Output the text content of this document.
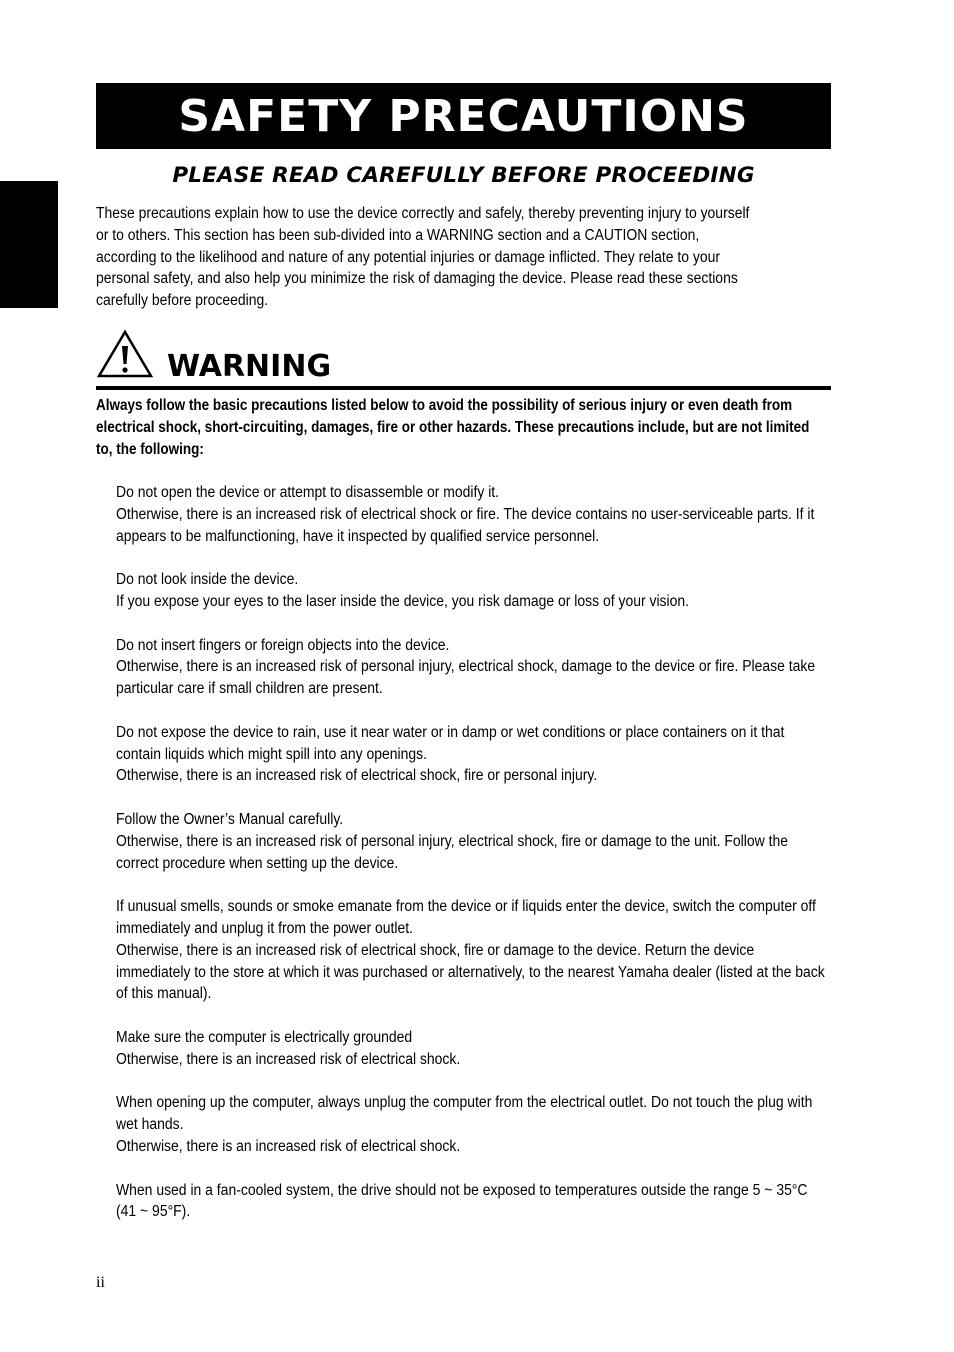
SAFETY PRECAUTIONS
PLEASE READ CAREFULLY BEFORE PROCEEDING
These precautions explain how to use the device correctly and safely, thereby preventing injury to yourself or to others. This section has been sub-divided into a WARNING section and a CAUTION section, according to the likelihood and nature of any potential injuries or damage inflicted. They relate to your personal safety, and also help you minimize the risk of damaging the device. Please read these sections carefully before proceeding.
WARNING
Always follow the basic precautions listed below to avoid the possibility of serious injury or even death from electrical shock, short-circuiting, damages, fire or other hazards. These precautions include, but are not limited to, the following:

Do not open the device or attempt to disassemble or modify it.

Otherwise, there is an increased risk of electrical shock or fire. The device contains no user-serviceable parts. If it appears to be malfunctioning, have it inspected by qualified service personnel.

Do not look inside the device.

If you expose your eyes to the laser inside the device, you risk damage or loss of your vision.

Do not insert fingers or foreign objects into the device.

Otherwise, there is an increased risk of personal injury, electrical shock, damage to the device or fire. Please take particular care if small children are present.

Do not expose the device to rain, use it near water or in damp or wet conditions or place containers on it that contain liquids which might spill into any openings.

Otherwise, there is an increased risk of electrical shock, fire or personal injury.

Follow the Owner’s Manual carefully.

Otherwise, there is an increased risk of personal injury, electrical shock, fire or damage to the unit. Follow the correct procedure when setting up the device.

If unusual smells, sounds or smoke emanate from the device or if liquids enter the device, switch the computer off immediately and unplug it from the power outlet.

Otherwise, there is an increased risk of electrical shock, fire or damage to the device. Return the device immediately to the store at which it was purchased or alternatively, to the nearest Yamaha dealer (listed at the back of this manual).

Make sure the computer is electrically grounded

Otherwise, there is an increased risk of electrical shock.

When opening up the computer, always unplug the computer from the electrical outlet. Do not touch the plug with wet hands.

Otherwise, there is an increased risk of electrical shock.

When used in a fan-cooled system, the drive should not be exposed to temperatures outside the range 5 ~ 35°C (41 ~ 95°F).

ii
